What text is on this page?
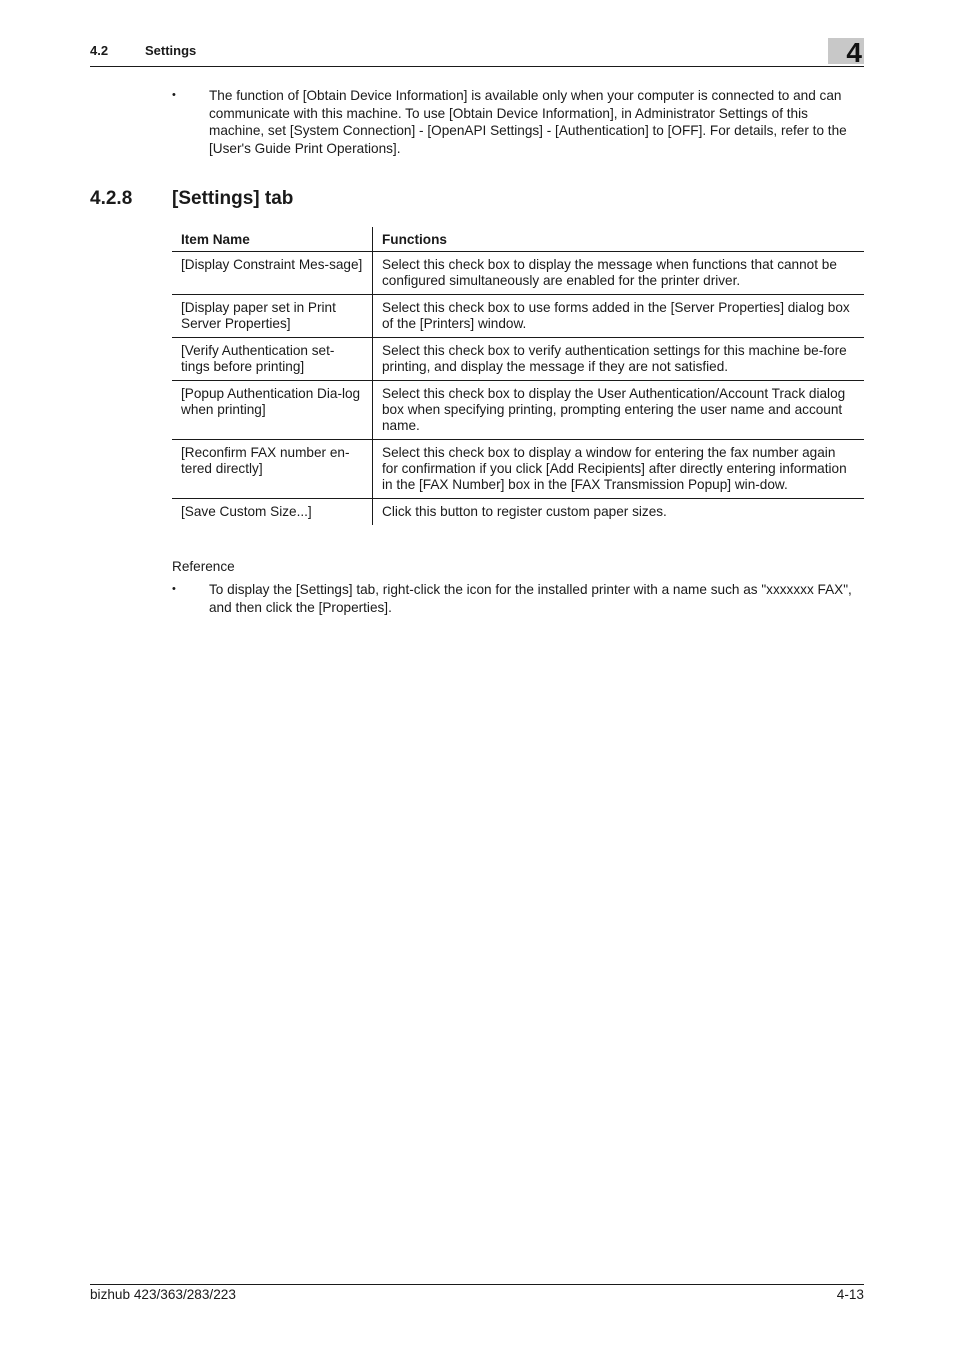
4.2	Settings	4
• The function of [Obtain Device Information] is available only when your computer is connected to and can communicate with this machine. To use [Obtain Device Information], in Administrator Settings of this machine, set [System Connection] - [OpenAPI Settings] - [Authentication] to [OFF]. For details, refer to the [User's Guide Print Operations].
4.2.8 [Settings] tab
Item Name	Functions
[Display Constraint Mes-sage]	Select this check box to display the message when functions that cannot be configured simultaneously are enabled for the printer driver.
[Display paper set in Print Server Properties]	Select this check box to use forms added in the [Server Properties] dialog box of the [Printers] window.
[Verify Authentication set-tings before printing]	Select this check box to verify authentication settings for this machine be-fore printing, and display the message if they are not satisfied.
[Popup Authentication Dia-log when printing]	Select this check box to display the User Authentication/Account Track dialog box when specifying printing, prompting entering the user name and account name.
[Reconfirm FAX number en-tered directly]	Select this check box to display a window for entering the fax number again for confirmation if you click [Add Recipients] after directly entering information in the [FAX Number] box in the [FAX Transmission Popup] win-dow.
[Save Custom Size...]	Click this button to register custom paper sizes.
Reference
• To display the [Settings] tab, right-click the icon for the installed printer with a name such as "xxxxxxx FAX", and then click the [Properties].
bizhub 423/363/283/223	4-13
